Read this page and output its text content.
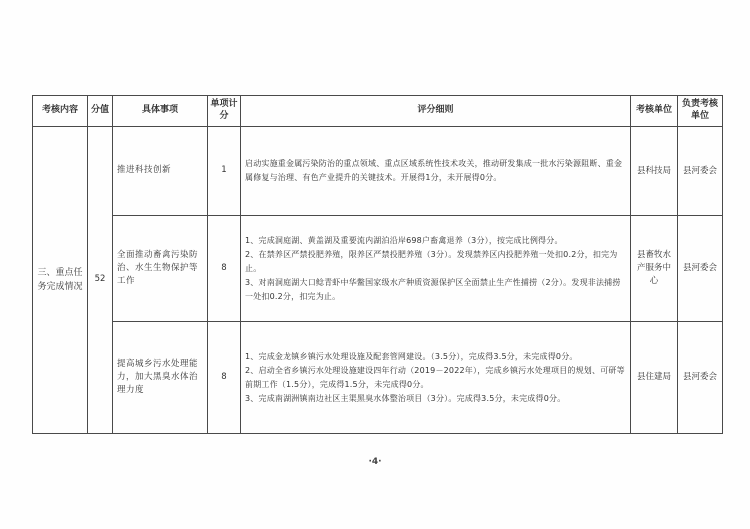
考核内容	分值	具体事项	单项计分	评分细则	考核单位	负责考核单位
三、重点任务完成情况	52	推进科技创新	1	启动实施重金属污染防治的重点领域、重点区域系统性技术攻关，推动研发集成一批水污染源阻断、重金属修复与治理、有色产业提升的关键技术。开展得1分，未开展得0分。	县科技局	县河委会
		全面推动畜禽污染防治、水生生物保护等工作	8	1、完成洞庭湖、黄盖湖及重要流内湖泊沿岸698户畜禽退养（3分），按完成比例得分。
2、在禁养区严禁投肥养殖，限养区严禁投肥养殖（3分）。发现禁养区内投肥养殖一处扣0.2分，扣完为止。
3、对南洞庭湖大口鲶青虾中华鳖国家级水产种质资源保护区全面禁止生产性捕捞（2分）。发现非法捕捞一处扣0.2分，扣完为止。	县畜牧水产服务中心	县河委会
		提高城乡污水处理能力，加大黑臭水体治理力度	8	1、完成金龙镇乡镇污水处理设施及配套管网建设。（3.5分），完成得3.5分，未完成得0分。
2、启动全省乡镇污水处理设施建设四年行动（2019－2022年），完成乡镇污水处理项目的规划、可研等前期工作（1.5分），完成得1.5分，未完成得0分。
3、完成南湖洲镇南边社区主渠黑臭水体整治项目（3分）。完成得3.5分，未完成得0分。	县住建局	县河委会
·4·
